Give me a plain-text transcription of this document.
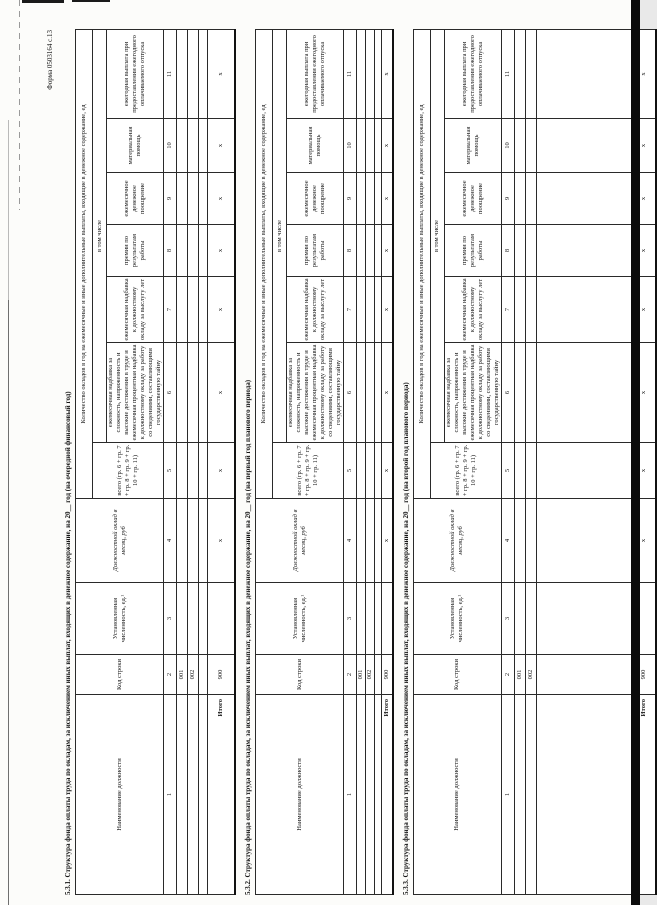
Форма 0503164 с.13
5.3.1. Структура фонда оплаты труда по окладам, за исключением иных выплат, входящих в денежное содержание, на 20__ год (на очередной финансовый год)	Наименование должности	Код строки	Установленная численность, ед.¹	Должностной оклад в месяц, руб	Количество окладов в год на ежемесячные и иные дополнительные выплаты, входящие в денежное содержание, ед						
				всего (гр. 6 + гр. 7 + гр. 8 + гр. 9 + гр. 10 + гр. 11)	в том числе					
					ежемесячная надбавка за сложность, напряженность и высокие достижения в труде и ежемесячная процентная надбавка к должностному окладу за работу со сведениями, составляющими государственную тайну	ежемесячная надбавка к должностному окладу за выслугу лет	премии по результатам работы	ежемесячное денежное поощрение	материальная помощь	ежегодная выплата при предоставлении ежегодного оплачиваемого отпуска
1	2	3	4	5	6	7	8	9	10	11
	001									
	002									

Итого	900		х	х	х	х	х	х	х	х
5.3.2. Структура фонда оплаты труда по окладам, за исключением иных выплат, входящих в денежное содержание, на 20__ год (на первый год планового периода)	Наименование должности	Код строки	Установленная численность, ед.¹	Должностной оклад в месяц, руб	Количество окладов в год на ежемесячные и иные дополнительные выплаты, входящие в денежное содержание, ед						
				всего (гр. 6 + гр. 7 + гр. 8 + гр. 9 + гр. 10 + гр. 11)	в том числе					
					ежемесячная надбавка за сложность, напряженность и высокие достижения в труде и ежемесячная процентная надбавка к должностному окладу за работу со сведениями, составляющими государственную тайну	ежемесячная надбавка к должностному окладу за выслугу лет	премии по результатам работы	ежемесячное денежное поощрение	материальная помощь	ежегодная выплата при предоставлении ежегодного оплачиваемого отпуска
1	2	3	4	5	6	7	8	9	10	11
	001									
	002									

Итого	900		х	х	х	х	х	х	х	х
5.3.3. Структура фонда оплаты труда по окладам, за исключением иных выплат, входящих в денежное содержание, на 20__ год (на второй год планового периода)	Наименование должности	Код строки	Установленная численность, ед.¹	Должностной оклад в месяц, руб	Количество окладов в год на ежемесячные и иные дополнительные выплаты, входящие в денежное содержание, ед						
				всего (гр. 6 + гр. 7 + гр. 8 + гр. 9 + гр. 10 + гр. 11)	в том числе					
					ежемесячная надбавка за сложность, напряженность и высокие достижения в труде и ежемесячная процентная надбавка к должностному окладу за работу со сведениями, составляющими государственную тайну	ежемесячная надбавка к должностному окладу за выслугу лет	премии по результатам работы	ежемесячное денежное поощрение	материальная помощь	ежегодная выплата при предоставлении ежегодного оплачиваемого отпуска
1	2	3	4	5	6	7	8	9	10	11
	001									
	002									

Итого	900		х	х	х	х	х	х	х	х
